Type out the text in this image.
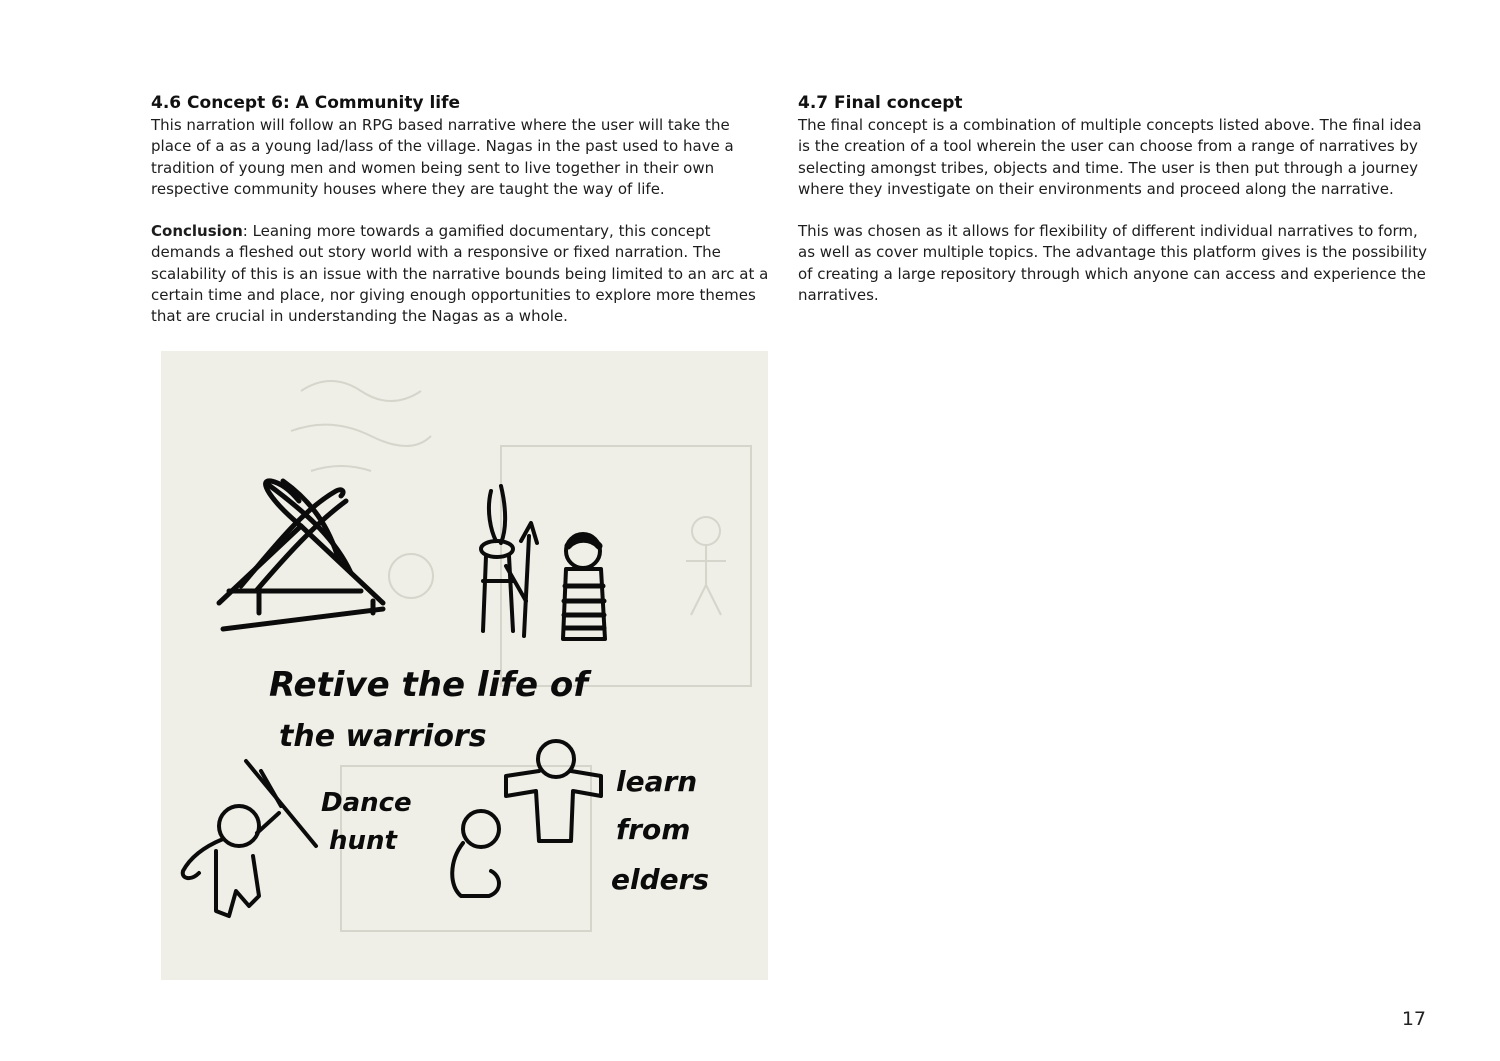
4.6 Concept 6: A Community life

This narration will follow an RPG based narrative where the user will take the place of a as a young lad/lass of the village. Nagas in the past used to have a tradition of young men and women being sent to live together in their own respective community houses where they are taught the way of life.

Conclusion: Leaning more towards a gamified documentary, this concept demands a fleshed out story world with a responsive or fixed narration. The scalability of this is an issue with the narrative bounds being limited to an arc at a certain time and place, nor giving enough opportunities to explore more themes that are crucial in understanding the Nagas as a whole.

4.7 Final concept

The final concept is a combination of multiple concepts listed above. The final idea is the creation of a tool wherein the user can choose from a range of narratives by selecting amongst tribes, objects and time. The user is then put through a journey where they investigate on their environments and proceed along the narrative.

This was chosen as it allows for flexibility of different individual narratives to form, as well as cover multiple topics. The advantage this platform gives is the possibility of creating a large repository through which anyone can access and experience the narratives.

Retive the life of
the warriors
Dance
hunt
learn
from
elders
17
